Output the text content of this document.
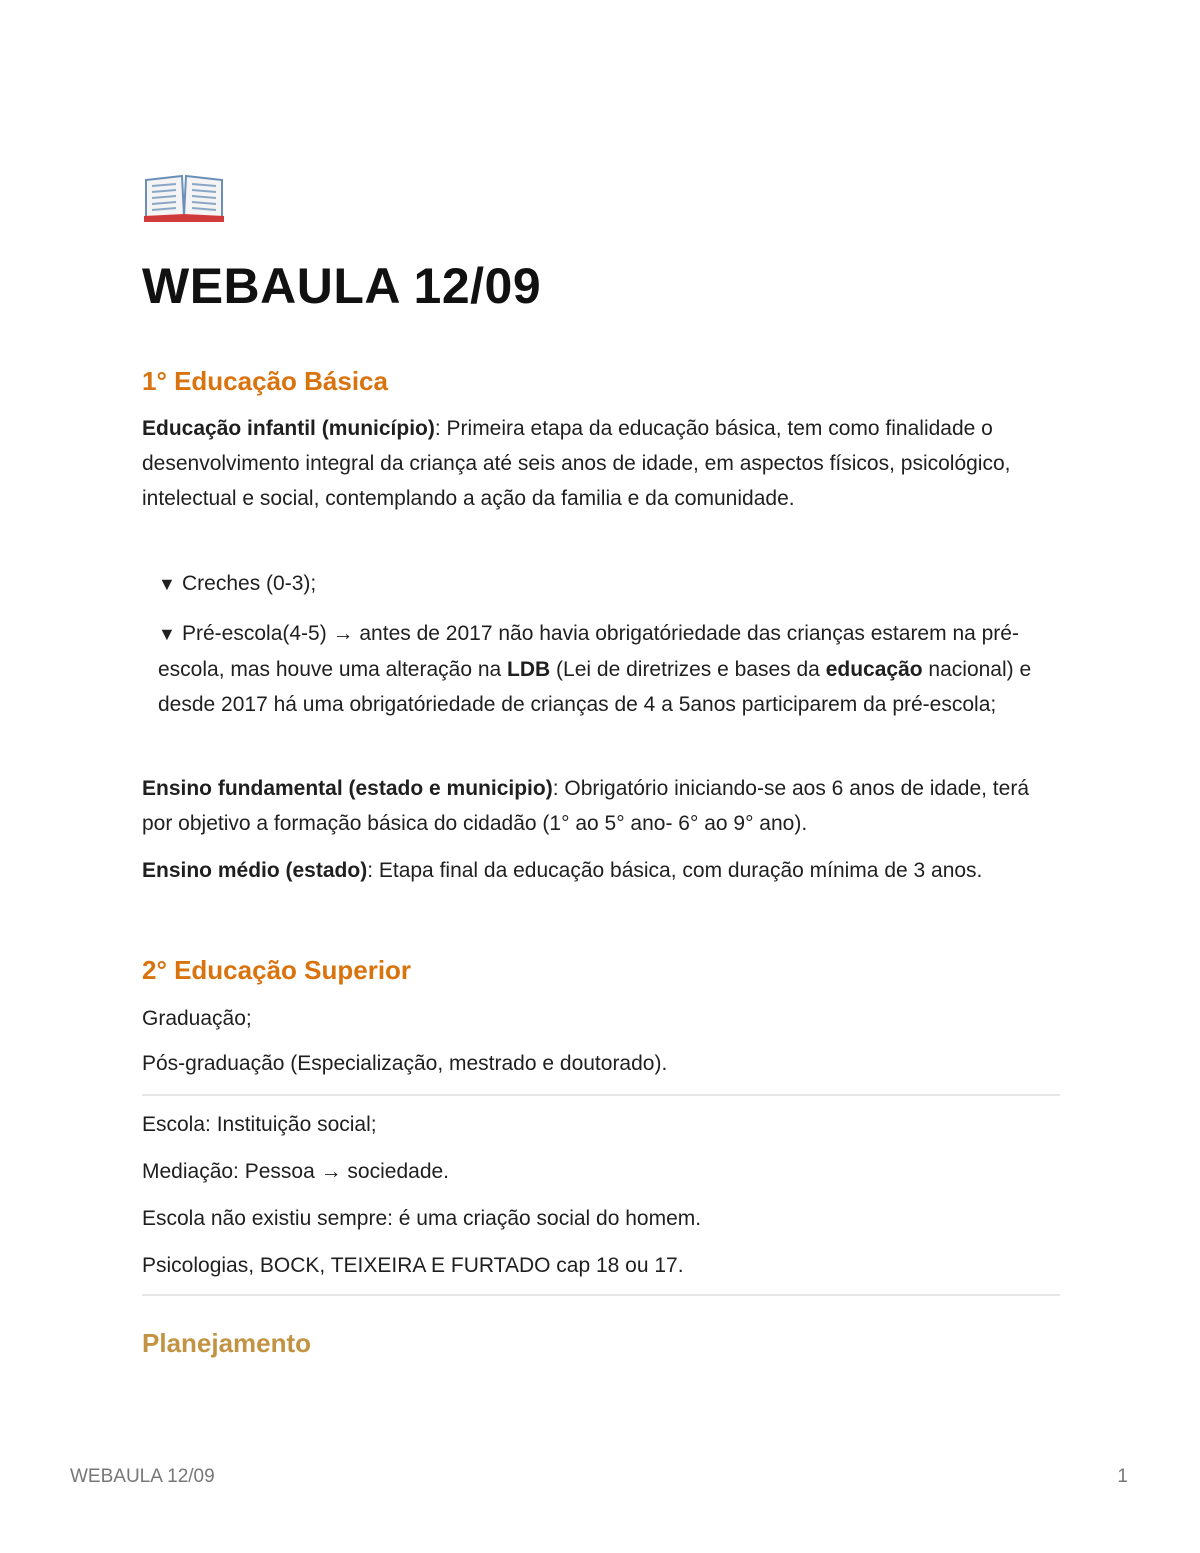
WEBAULA 12/09
1° Educação Básica

Educação infantil (município): Primeira etapa da educação básica, tem como finalidade o desenvolvimento integral da criança até seis anos de idade, em aspectos físicos, psicológico, intelectual e social, contemplando a ação da familia e da comunidade.

▼ Creches (0-3);
▼ Pré-escola(4-5) → antes de 2017 não havia obrigatóriedade das crianças estarem na pré-escola, mas houve uma alteração na LDB (Lei de diretrizes e bases da educação nacional) e desde 2017 há uma obrigatóriedade de crianças de 4 a 5anos participarem da pré-escola;

Ensino fundamental (estado e municipio): Obrigatório iniciando-se aos 6 anos de idade, terá por objetivo a formação básica do cidadão (1° ao 5° ano- 6° ao 9° ano).

Ensino médio (estado): Etapa final da educação básica, com duração mínima de 3 anos.

2° Educação Superior

Graduação;

Pós-graduação (Especialização, mestrado e doutorado).

Escola: Instituição social;

Mediação: Pessoa → sociedade.

Escola não existiu sempre: é uma criação social do homem.

Psicologias, BOCK, TEIXEIRA E FURTADO cap 18 ou 17.

Planejamento
WEBAULA 12/09	1
